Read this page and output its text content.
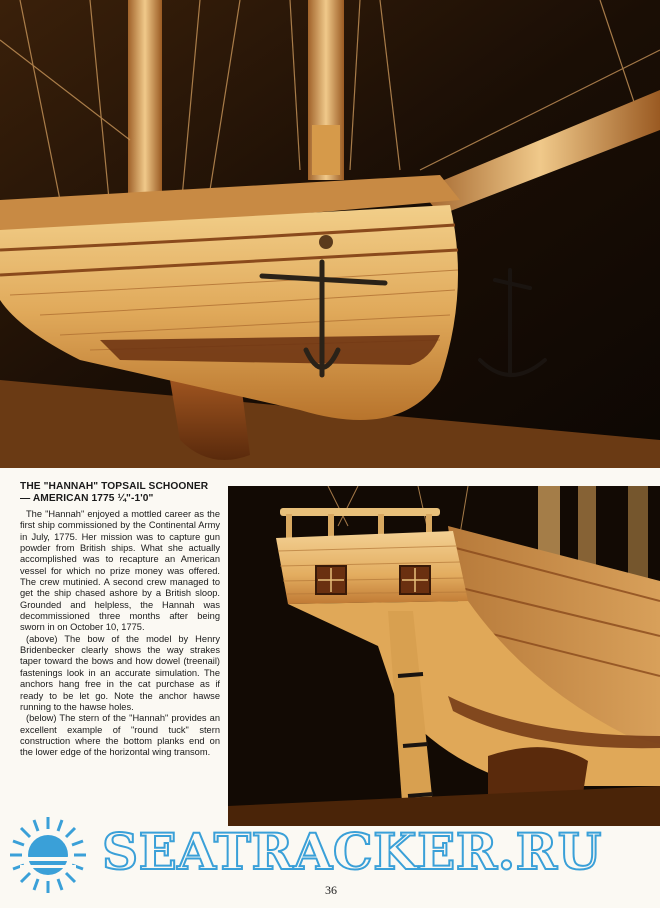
THE "HANNAH" TOPSAIL SCHOONER — AMERICAN 1775 ¼"-1'0"

The "Hannah" enjoyed a mottled career as the first ship commissioned by the Continental Army in July, 1775. Her mission was to capture gun powder from British ships. What she actually accomplished was to recapture an American vessel for which no prize money was offered. The crew mutinied. A second crew managed to get the ship chased ashore by a British sloop. Grounded and helpless, the Hannah was decommissioned three months after being sworn in on October 10, 1775.

(above) The bow of the model by Henry Bridenbecker clearly shows the way strakes taper toward the bows and how dowel (treenail) fastenings look in an accurate simulation. The anchors hang free in the cat purchase as if ready to be let go. Note the anchor hawse running to the hawse holes.

(below) The stern of the "Hannah" provides an excellent example of "round tuck" stern construction where the bottom planks end on the lower edge of the horizontal wing transom.

SEATRACKER.RU
36
